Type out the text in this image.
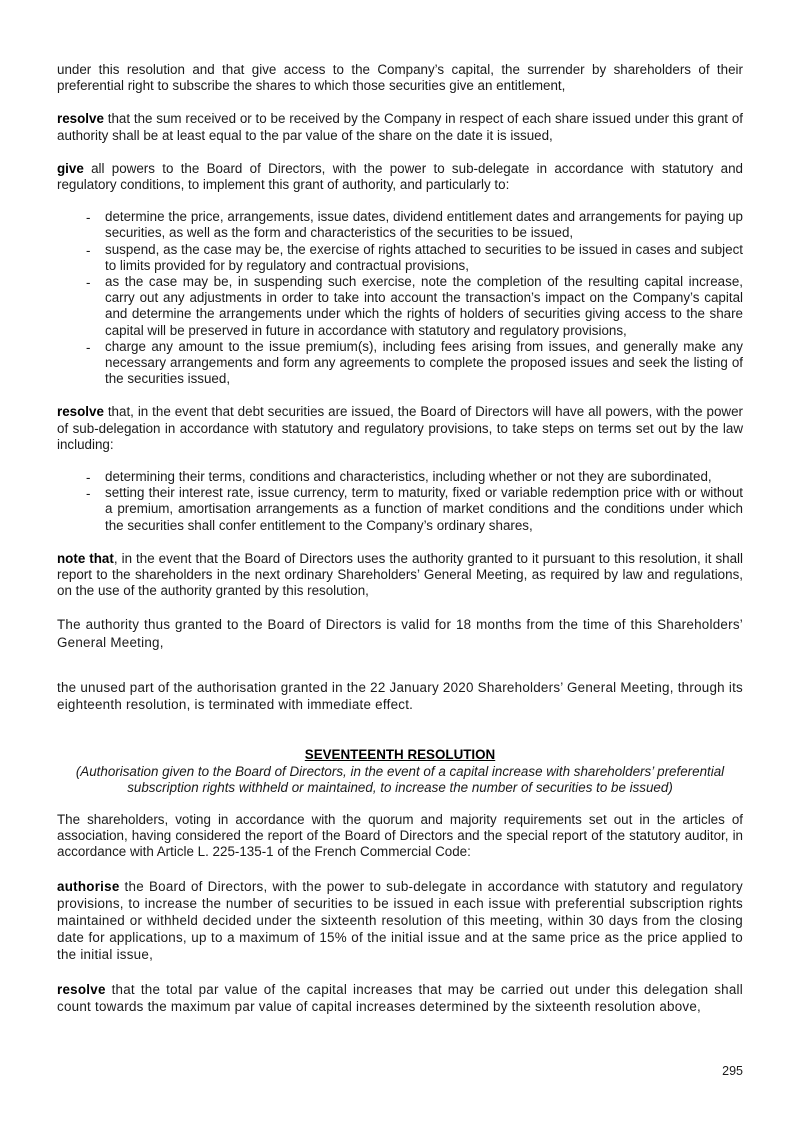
under this resolution and that give access to the Company’s capital, the surrender by shareholders of their preferential right to subscribe the shares to which those securities give an entitlement,

resolve that the sum received or to be received by the Company in respect of each share issued under this grant of authority shall be at least equal to the par value of the share on the date it is issued,

give all powers to the Board of Directors, with the power to sub-delegate in accordance with statutory and regulatory conditions, to implement this grant of authority, and particularly to:

- determine the price, arrangements, issue dates, dividend entitlement dates and arrangements for paying up securities, as well as the form and characteristics of the securities to be issued,
- suspend, as the case may be, the exercise of rights attached to securities to be issued in cases and subject to limits provided for by regulatory and contractual provisions,
- as the case may be, in suspending such exercise, note the completion of the resulting capital increase, carry out any adjustments in order to take into account the transaction’s impact on the Company’s capital and determine the arrangements under which the rights of holders of securities giving access to the share capital will be preserved in future in accordance with statutory and regulatory provisions,
- charge any amount to the issue premium(s), including fees arising from issues, and generally make any necessary arrangements and form any agreements to complete the proposed issues and seek the listing of the securities issued,

resolve that, in the event that debt securities are issued, the Board of Directors will have all powers, with the power of sub-delegation in accordance with statutory and regulatory provisions, to take steps on terms set out by the law including:

- determining their terms, conditions and characteristics, including whether or not they are subordinated,
- setting their interest rate, issue currency, term to maturity, fixed or variable redemption price with or without a premium, amortisation arrangements as a function of market conditions and the conditions under which the securities shall confer entitlement to the Company’s ordinary shares,

note that, in the event that the Board of Directors uses the authority granted to it pursuant to this resolution, it shall report to the shareholders in the next ordinary Shareholders’ General Meeting, as required by law and regulations, on the use of the authority granted by this resolution,

The authority thus granted to the Board of Directors is valid for 18 months from the time of this Shareholders’ General Meeting,

the unused part of the authorisation granted in the 22 January 2020 Shareholders’ General Meeting, through its eighteenth resolution, is terminated with immediate effect.

SEVENTEENTH RESOLUTION
(Authorisation given to the Board of Directors, in the event of a capital increase with shareholders’ preferential subscription rights withheld or maintained, to increase the number of securities to be issued)

The shareholders, voting in accordance with the quorum and majority requirements set out in the articles of association, having considered the report of the Board of Directors and the special report of the statutory auditor, in accordance with Article L. 225-135-1 of the French Commercial Code:

authorise the Board of Directors, with the power to sub-delegate in accordance with statutory and regulatory provisions, to increase the number of securities to be issued in each issue with preferential subscription rights maintained or withheld decided under the sixteenth resolution of this meeting, within 30 days from the closing date for applications, up to a maximum of 15% of the initial issue and at the same price as the price applied to the initial issue,

resolve that the total par value of the capital increases that may be carried out under this delegation shall count towards the maximum par value of capital increases determined by the sixteenth resolution above,

295
